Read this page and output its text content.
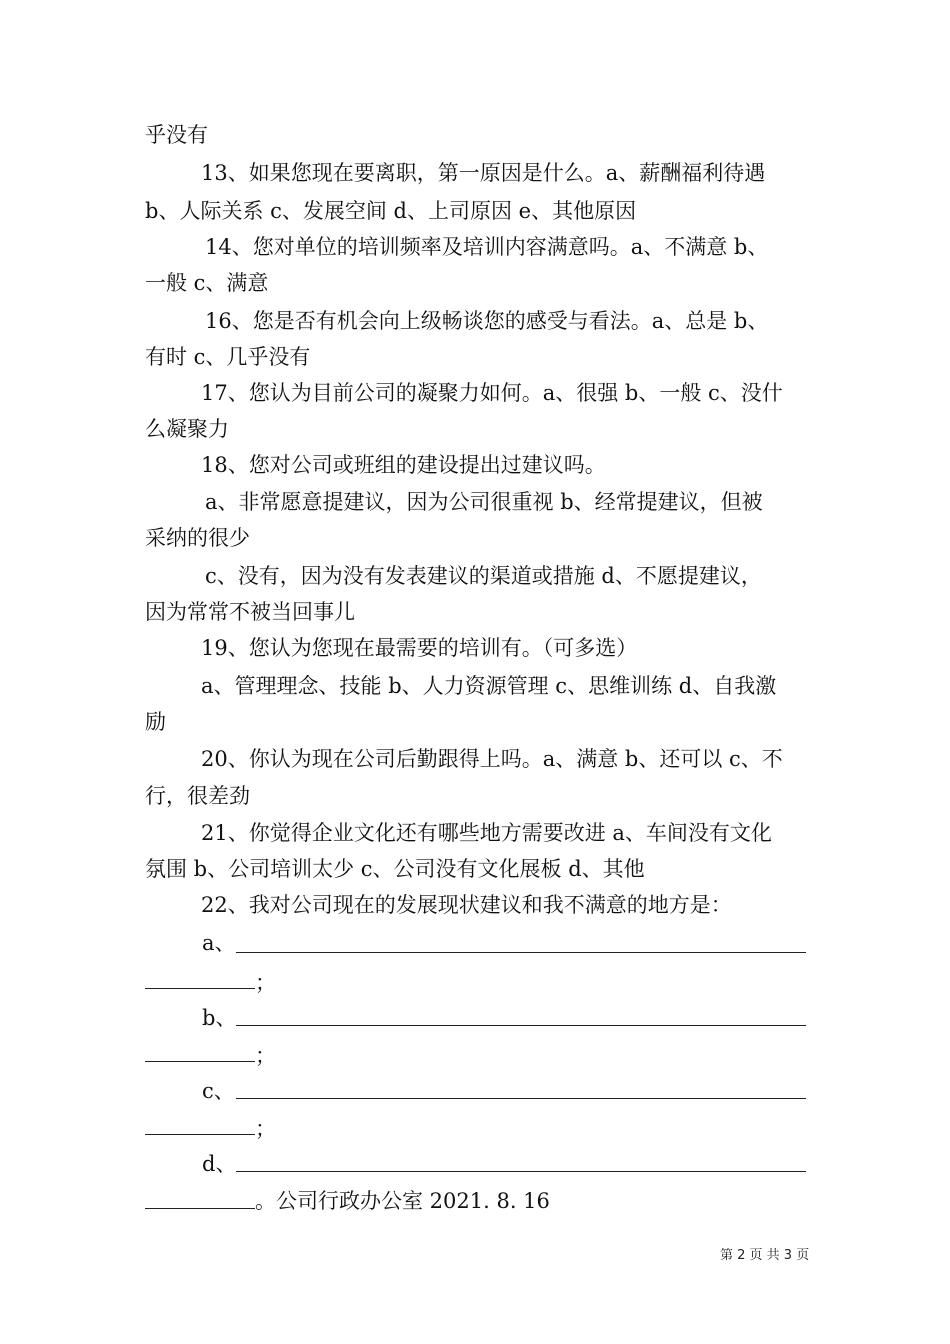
乎没有
13、如果您现在要离职，第一原因是什么。a、薪酬福利待遇
b、人际关系 c、发展空间 d、上司原因 e、其他原因
14、您对单位的培训频率及培训内容满意吗。a、不满意 b、
一般 c、满意
16、您是否有机会向上级畅谈您的感受与看法。a、总是 b、
有时 c、几乎没有
17、您认为目前公司的凝聚力如何。a、很强 b、一般 c、没什
么凝聚力
18、您对公司或班组的建设提出过建议吗。
a、非常愿意提建议，因为公司很重视 b、经常提建议，但被
采纳的很少
c、没有，因为没有发表建议的渠道或措施 d、不愿提建议，
因为常常不被当回事儿
19、您认为您现在最需要的培训有。（可多选）
a、管理理念、技能 b、人力资源管理 c、思维训练 d、自我激
励
20、你认为现在公司后勤跟得上吗。a、满意 b、还可以 c、不
行，很差劲
21、你觉得企业文化还有哪些地方需要改进 a、车间没有文化
氛围 b、公司培训太少 c、公司没有文化展板 d、其他
22、我对公司现在的发展现状建议和我不满意的地方是：
a、
；
b、
；
c、
；
d、
。公司行政办公室 2021. 8. 16
第 2 页 共 3 页
